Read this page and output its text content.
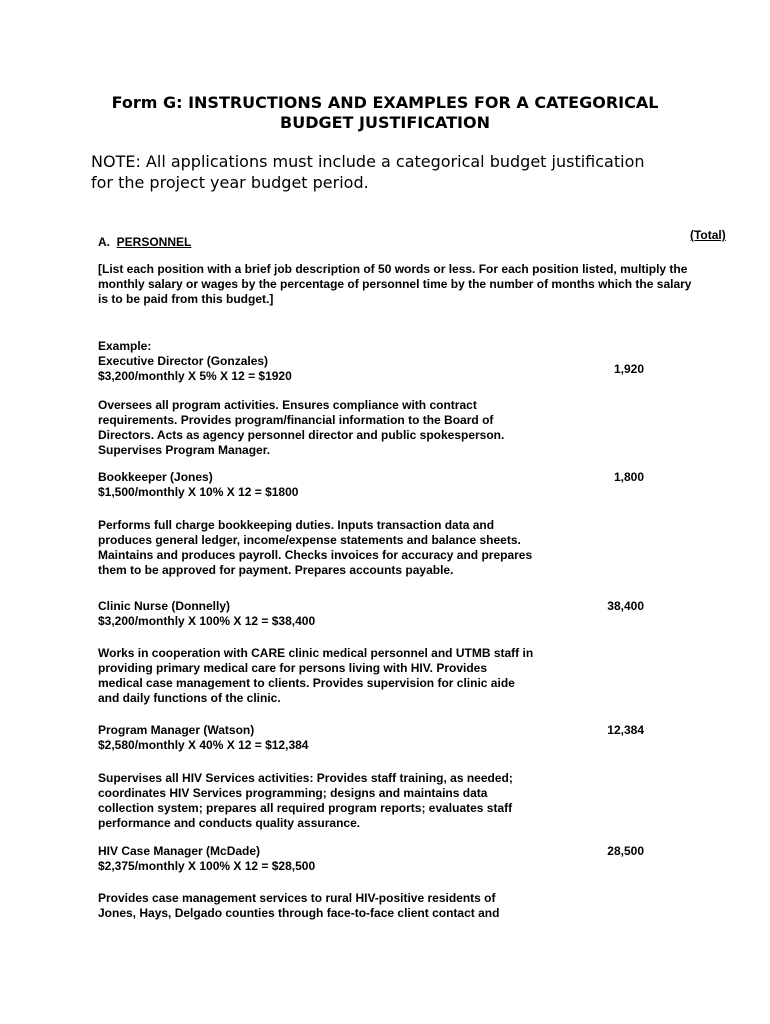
Form G: INSTRUCTIONS AND EXAMPLES FOR A CATEGORICAL
BUDGET JUSTIFICATION
NOTE: All applications must include a categorical budget justification
for the project year budget period.
A. PERSONNEL	(Total)
[List each position with a brief job description of 50 words or less. For each position listed, multiply the
monthly salary or wages by the percentage of personnel time by the number of months which the salary
is to be paid from this budget.]
Example:
Executive Director (Gonzales)
$3,200/monthly X 5% X 12 = $1920	1,920
Oversees all program activities. Ensures compliance with contract
requirements. Provides program/financial information to the Board of
Directors. Acts as agency personnel director and public spokesperson.
Supervises Program Manager.
Bookkeeper (Jones)
$1,500/monthly X 10% X 12 = $1800
1,800
Performs full charge bookkeeping duties. Inputs transaction data and
produces general ledger, income/expense statements and balance sheets.
Maintains and produces payroll. Checks invoices for accuracy and prepares
them to be approved for payment. Prepares accounts payable.
Clinic Nurse (Donnelly)
$3,200/monthly X 100% X 12 = $38,400
38,400
Works in cooperation with CARE clinic medical personnel and UTMB staff in
providing primary medical care for persons living with HIV. Provides
medical case management to clients. Provides supervision for clinic aide
and daily functions of the clinic.
Program Manager (Watson)
$2,580/monthly X 40% X 12 = $12,384
12,384
Supervises all HIV Services activities: Provides staff training, as needed;
coordinates HIV Services programming; designs and maintains data
collection system; prepares all required program reports; evaluates staff
performance and conducts quality assurance.
HIV Case Manager (McDade)
$2,375/monthly X 100% X 12 = $28,500
28,500
Provides case management services to rural HIV-positive residents of
Jones, Hays, Delgado counties through face-to-face client contact and
